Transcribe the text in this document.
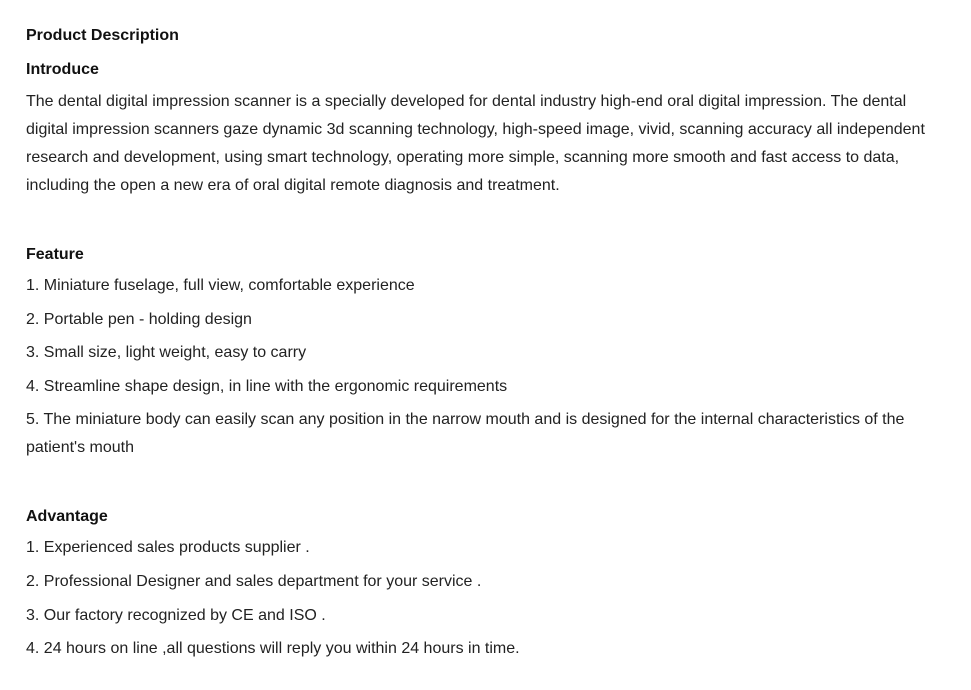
Product Description
Introduce

The dental digital impression scanner is a specially developed for dental industry high-end oral digital impression. The dental digital impression scanners gaze dynamic 3d scanning technology, high-speed image, vivid, scanning accuracy all independent research and development, using smart technology, operating more simple, scanning more smooth and fast access to data, including the open a new era of oral digital remote diagnosis and treatment.

Feature
1. Miniature fuselage, full view, comfortable experience
2. Portable pen - holding design
3. Small size, light weight, easy to carry
4. Streamline shape design, in line with the ergonomic requirements
5. The miniature body can easily scan any position in the narrow mouth and is designed for the internal characteristics of the patient's mouth
Advantage
1. Experienced sales products supplier .
2. Professional Designer and sales department for your service .
3. Our factory recognized by CE and ISO .
4. 24 hours on line ,all questions will reply you within 24 hours in time.
